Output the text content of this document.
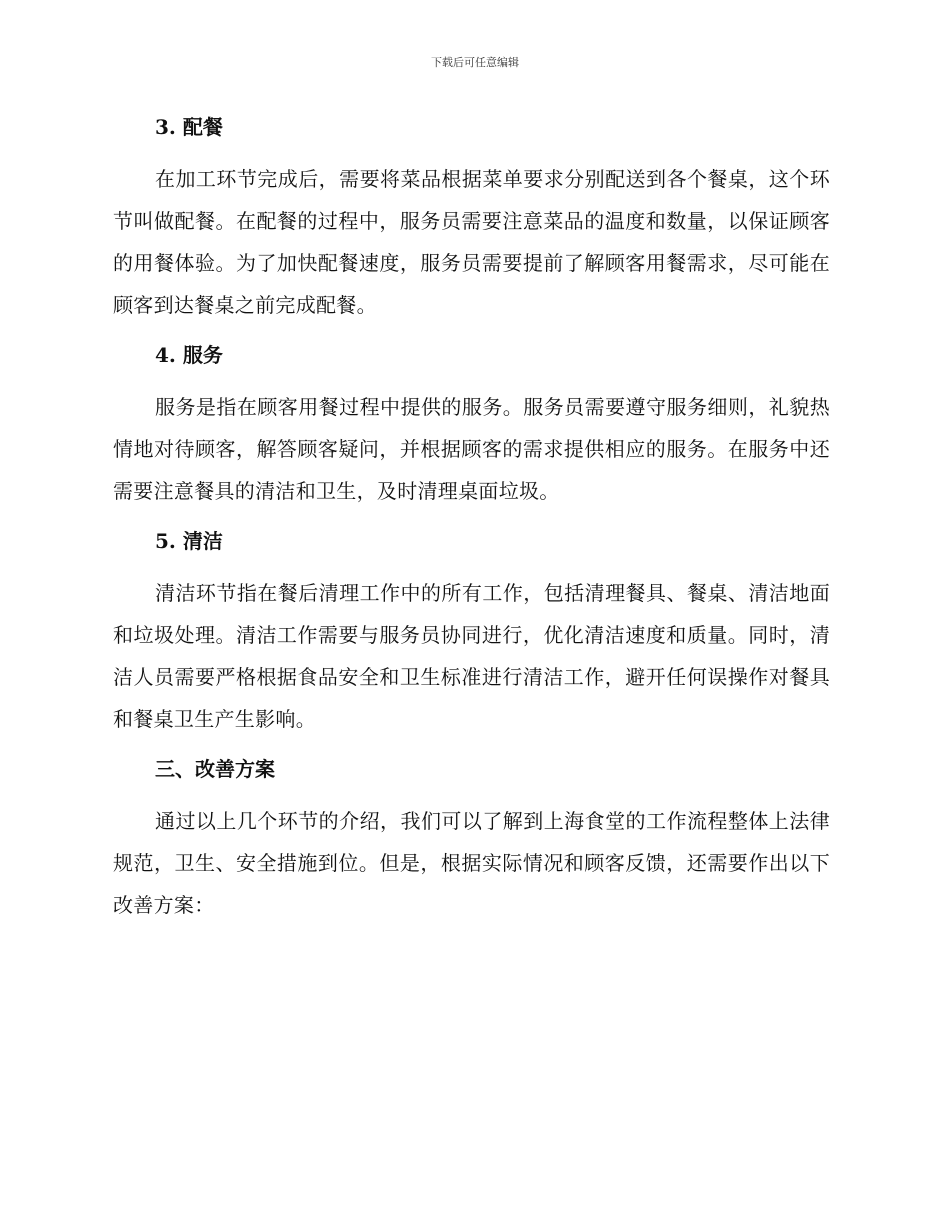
下载后可任意编辑
3. 配餐

在加工环节完成后，需要将菜品根据菜单要求分别配送到各个餐桌，这个环节叫做配餐。在配餐的过程中，服务员需要注意菜品的温度和数量，以保证顾客的用餐体验。为了加快配餐速度，服务员需要提前了解顾客用餐需求，尽可能在顾客到达餐桌之前完成配餐。

4. 服务

服务是指在顾客用餐过程中提供的服务。服务员需要遵守服务细则，礼貌热情地对待顾客，解答顾客疑问，并根据顾客的需求提供相应的服务。在服务中还需要注意餐具的清洁和卫生，及时清理桌面垃圾。

5. 清洁

清洁环节指在餐后清理工作中的所有工作，包括清理餐具、餐桌、清洁地面和垃圾处理。清洁工作需要与服务员协同进行，优化清洁速度和质量。同时，清洁人员需要严格根据食品安全和卫生标准进行清洁工作，避开任何误操作对餐具和餐桌卫生产生影响。

三、改善方案

通过以上几个环节的介绍，我们可以了解到上海食堂的工作流程整体上法律规范，卫生、安全措施到位。但是，根据实际情况和顾客反馈，还需要作出以下改善方案：
